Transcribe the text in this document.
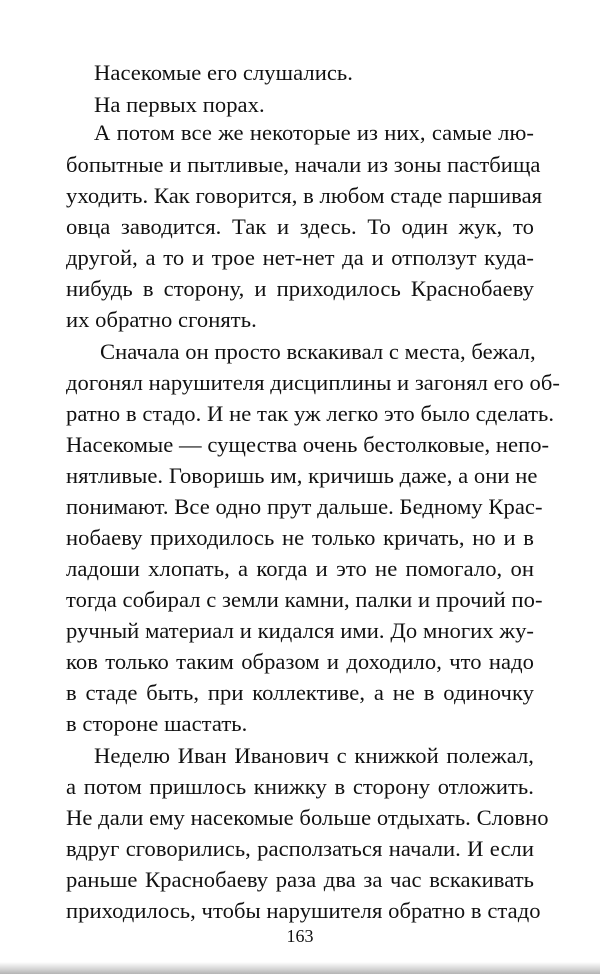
Насекомые его слушались.
На первых порах.
А потом все же некоторые из них, самые лю-
бопытные и пытливые, начали из зоны пастбища
уходить. Как говорится, в любом стаде паршивая
овца заводится. Так и здесь. То один жук, то
другой, а то и трое нет-нет да и отползут куда-
нибудь в сторону, и приходилось Краснобаеву
их обратно сгонять.
Сначала он просто вскакивал с места, бежал,
догонял нарушителя дисциплины и загонял его об-
ратно в стадо. И не так уж легко это было сделать.
Насекомые — существа очень бестолковые, непо-
нятливые. Говоришь им, кричишь даже, а они не
понимают. Все одно прут дальше. Бедному Крас-
нобаеву приходилось не только кричать, но и в
ладоши хлопать, а когда и это не помогало, он
тогда собирал с земли камни, палки и прочий по-
ручный материал и кидался ими. До многих жу-
ков только таким образом и доходило, что надо
в стаде быть, при коллективе, а не в одиночку
в стороне шастать.
Неделю Иван Иванович с книжкой полежал,
а потом пришлось книжку в сторону отложить.
Не дали ему насекомые больше отдыхать. Словно
вдруг сговорились, расползаться начали. И если
раньше Краснобаеву раза два за час вскакивать
приходилось, чтобы нарушителя обратно в стадо
163
